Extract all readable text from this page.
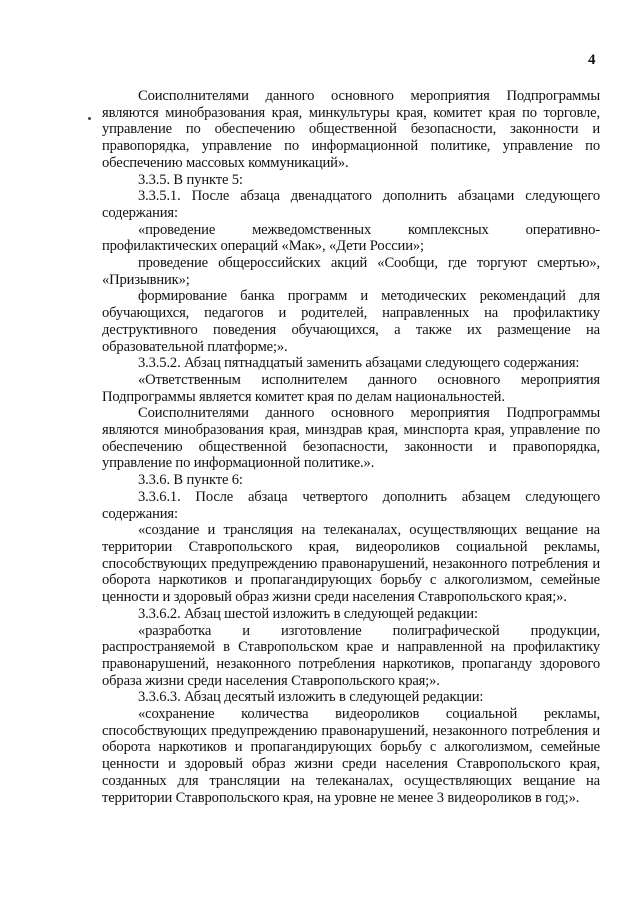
4

Соисполнителями данного основного мероприятия Подпрограммы являются минобразования края, минкультуры края, комитет края по торговле, управление по обеспечению общественной безопасности, законности и правопорядка, управление по информационной политике, управление по обеспечению массовых коммуникаций».

3.3.5. В пункте 5:

3.3.5.1. После абзаца двенадцатого дополнить абзацами следующего содержания:

«проведение межведомственных комплексных оперативно-профилактических операций «Мак», «Дети России»;

проведение общероссийских акций «Сообщи, где торгуют смертью», «Призывник»;

формирование банка программ и методических рекомендаций для обучающихся, педагогов и родителей, направленных на профилактику деструктивного поведения обучающихся, а также их размещение на образовательной платформе;».

3.3.5.2. Абзац пятнадцатый заменить абзацами следующего содержания:

«Ответственным исполнителем данного основного мероприятия Подпрограммы является комитет края по делам национальностей.

Соисполнителями данного основного мероприятия Подпрограммы являются минобразования края, минздрав края, минспорта края, управление по обеспечению общественной безопасности, законности и правопорядка, управление по информационной политике.».

3.3.6. В пункте 6:

3.3.6.1. После абзаца четвертого дополнить абзацем следующего содержания:

«создание и трансляция на телеканалах, осуществляющих вещание на территории Ставропольского края, видеороликов социальной рекламы, способствующих предупреждению правонарушений, незаконного потребления и оборота наркотиков и пропагандирующих борьбу с алкоголизмом, семейные ценности и здоровый образ жизни среди населения Ставропольского края;».

3.3.6.2. Абзац шестой изложить в следующей редакции:

«разработка и изготовление полиграфической продукции, распространяемой в Ставропольском крае и направленной на профилактику правонарушений, незаконного потребления наркотиков, пропаганду здорового образа жизни среди населения Ставропольского края;».

3.3.6.3. Абзац десятый изложить в следующей редакции:

«сохранение количества видеороликов социальной рекламы, способствующих предупреждению правонарушений, незаконного потребления и оборота наркотиков и пропагандирующих борьбу с алкоголизмом, семейные ценности и здоровый образ жизни среди населения Ставропольского края, созданных для трансляции на телеканалах, осуществляющих вещание на территории Ставропольского края, на уровне не менее 3 видеороликов в год;».
